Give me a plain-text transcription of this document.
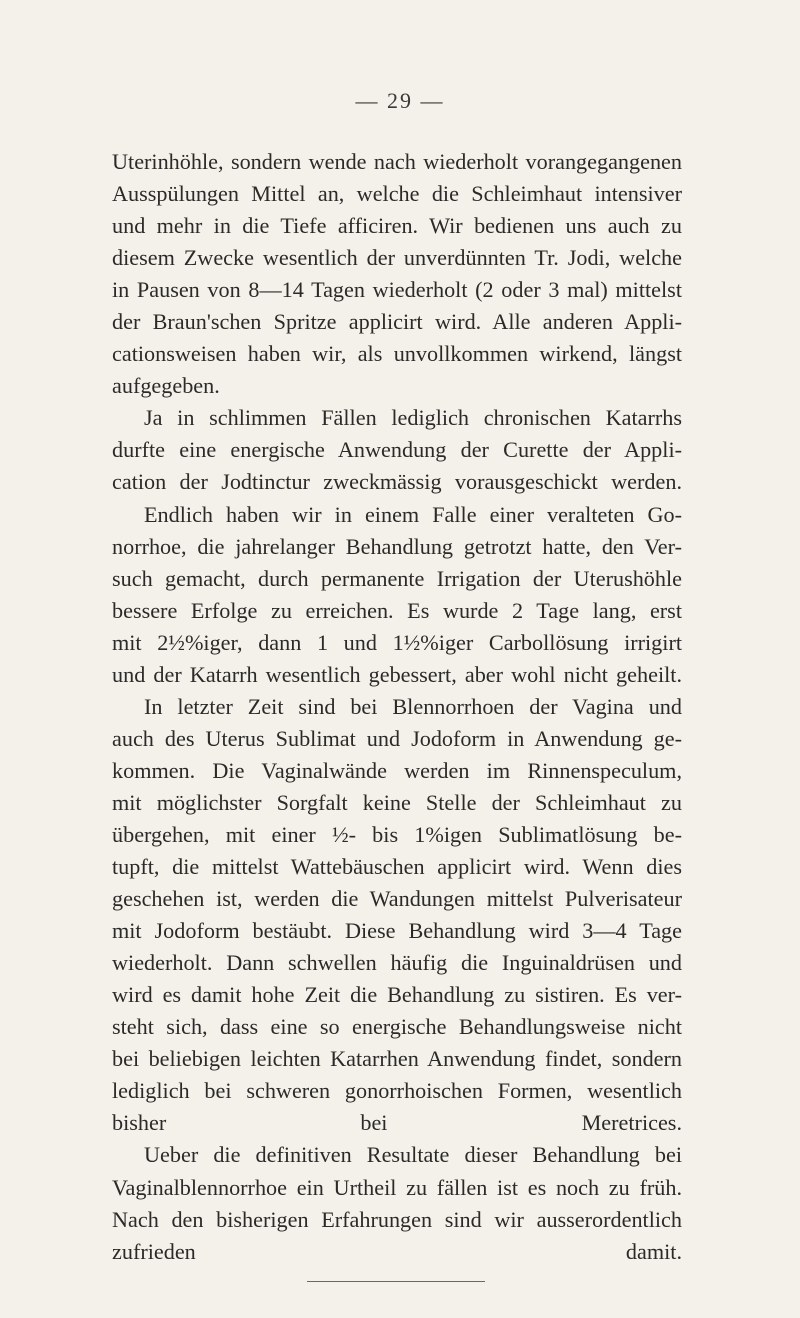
— 29 —
Uterinhöhle, sondern wende nach wiederholt vorangegangenen
Ausspülungen Mittel an, welche die Schleimhaut intensiver
und mehr in die Tiefe afficiren. Wir bedienen uns auch zu
diesem Zwecke wesentlich der unverdünnten Tr. Jodi, welche
in Pausen von 8—14 Tagen wiederholt (2 oder 3 mal) mittelst
der Braun'schen Spritze applicirt wird. Alle anderen Appli-
cationsweisen haben wir, als unvollkommen wirkend, längst
aufgegeben.
Ja in schlimmen Fällen lediglich chronischen Katarrhs
durfte eine energische Anwendung der Curette der Appli-
cation der Jodtinctur zweckmässig vorausgeschickt werden.
Endlich haben wir in einem Falle einer veralteten Go-
norrhoe, die jahrelanger Behandlung getrotzt hatte, den Ver-
such gemacht, durch permanente Irrigation der Uterushöhle
bessere Erfolge zu erreichen. Es wurde 2 Tage lang, erst
mit 2½%iger, dann 1 und 1½%iger Carbollösung irrigirt
und der Katarrh wesentlich gebessert, aber wohl nicht geheilt.
In letzter Zeit sind bei Blennorrhoen der Vagina und
auch des Uterus Sublimat und Jodoform in Anwendung ge-
kommen. Die Vaginalwände werden im Rinnenspeculum,
mit möglichster Sorgfalt keine Stelle der Schleimhaut zu
übergehen, mit einer ½- bis 1%igen Sublimatlösung be-
tupft, die mittelst Wattebäuschen applicirt wird. Wenn dies
geschehen ist, werden die Wandungen mittelst Pulverisateur
mit Jodoform bestäubt. Diese Behandlung wird 3—4 Tage
wiederholt. Dann schwellen häufig die Inguinaldrüsen und
wird es damit hohe Zeit die Behandlung zu sistiren. Es ver-
steht sich, dass eine so energische Behandlungsweise nicht
bei beliebigen leichten Katarrhen Anwendung findet, sondern
lediglich bei schweren gonorrhoischen Formen, wesentlich
bisher bei Meretrices.
Ueber die definitiven Resultate dieser Behandlung bei
Vaginalblennorrhoe ein Urtheil zu fällen ist es noch zu früh.
Nach den bisherigen Erfahrungen sind wir ausserordentlich
zufrieden damit.
